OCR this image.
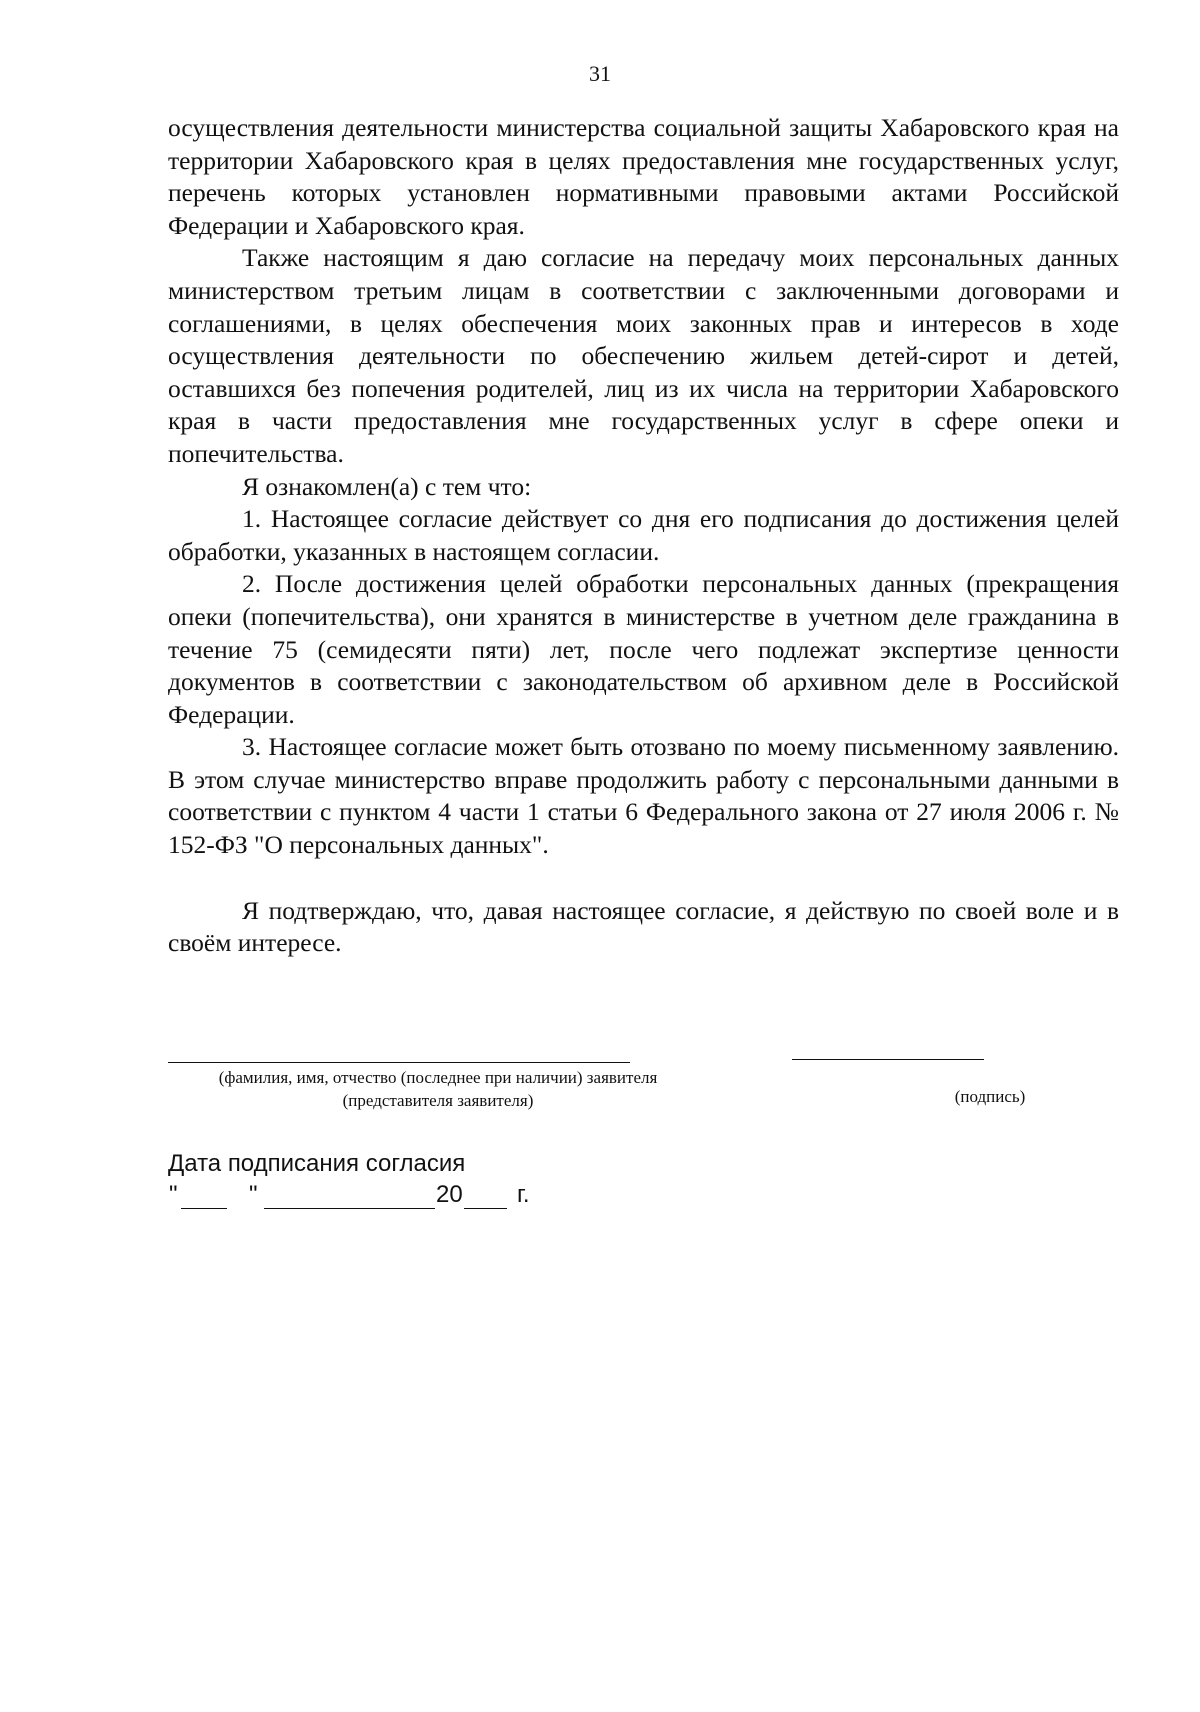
31

осуществления деятельности министерства социальной защиты Хабаровского края на территории Хабаровского края в целях предоставления мне государственных услуг, перечень которых установлен нормативными правовыми актами Российской Федерации и Хабаровского края.

Также настоящим я даю согласие на передачу моих персональных данных министерством третьим лицам в соответствии с заключенными договорами и соглашениями, в целях обеспечения моих законных прав и интересов в ходе осуществления деятельности по обеспечению жильем детей-сирот и детей, оставшихся без попечения родителей, лиц из их числа на территории Хабаровского края в части предоставления мне государственных услуг в сфере опеки и попечительства.

Я ознакомлен(а) с тем что:

1. Настоящее согласие действует со дня его подписания до достижения целей обработки, указанных в настоящем согласии.

2. После достижения целей обработки персональных данных (прекращения опеки (попечительства), они хранятся в министерстве в учетном деле гражданина в течение 75 (семидесяти пяти) лет, после чего подлежат экспертизе ценности документов в соответствии с законодательством об архивном деле в Российской Федерации.

3. Настоящее согласие может быть отозвано по моему письменному заявлению. В этом случае министерство вправе продолжить работу с персональными данными в соответствии с пунктом 4 части 1 статьи 6 Федерального закона от 27 июля 2006 г. № 152-ФЗ "О персональных данных".

Я подтверждаю, что, давая настоящее согласие, я действую по своей воле и в своём интересе.

(фамилия, имя, отчество (последнее при наличии) заявителя
(представителя заявителя)	(подпись)
Дата подписания согласия
"	"	20 г.
